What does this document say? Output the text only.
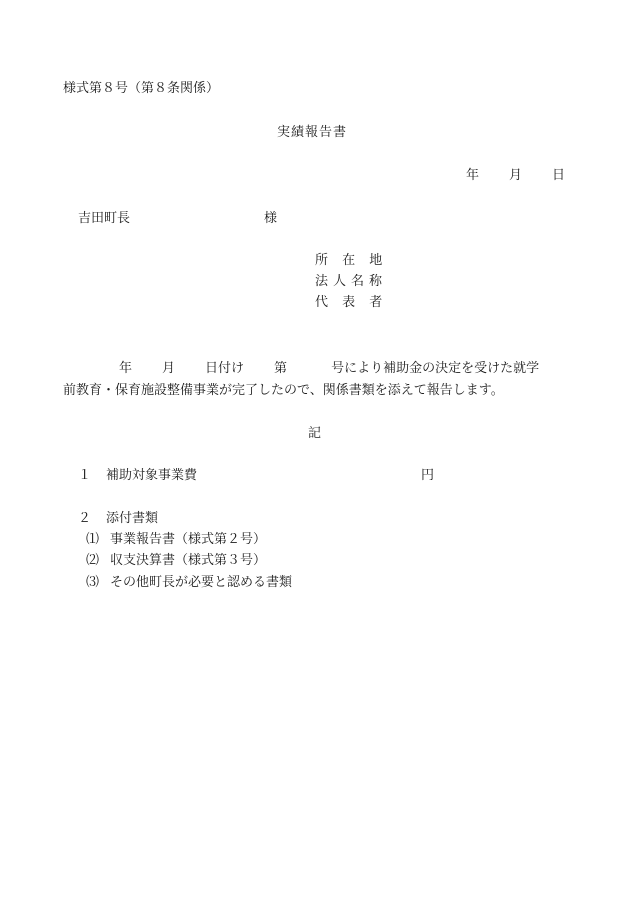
様式第８号（第８条関係）
実績報告書
年 月 日
吉田町長	様
所 在 地
法人名称
代 表 者
年 月 日付け 第	号により補助金の決定を受けた就学
前教育・保育施設整備事業が完了したので、関係書類を添えて報告します。
記
１ 補助対象事業費	円
２ 添付書類
⑴ 事業報告書（様式第２号）
⑵ 収支決算書（様式第３号）
⑶ その他町長が必要と認める書類
